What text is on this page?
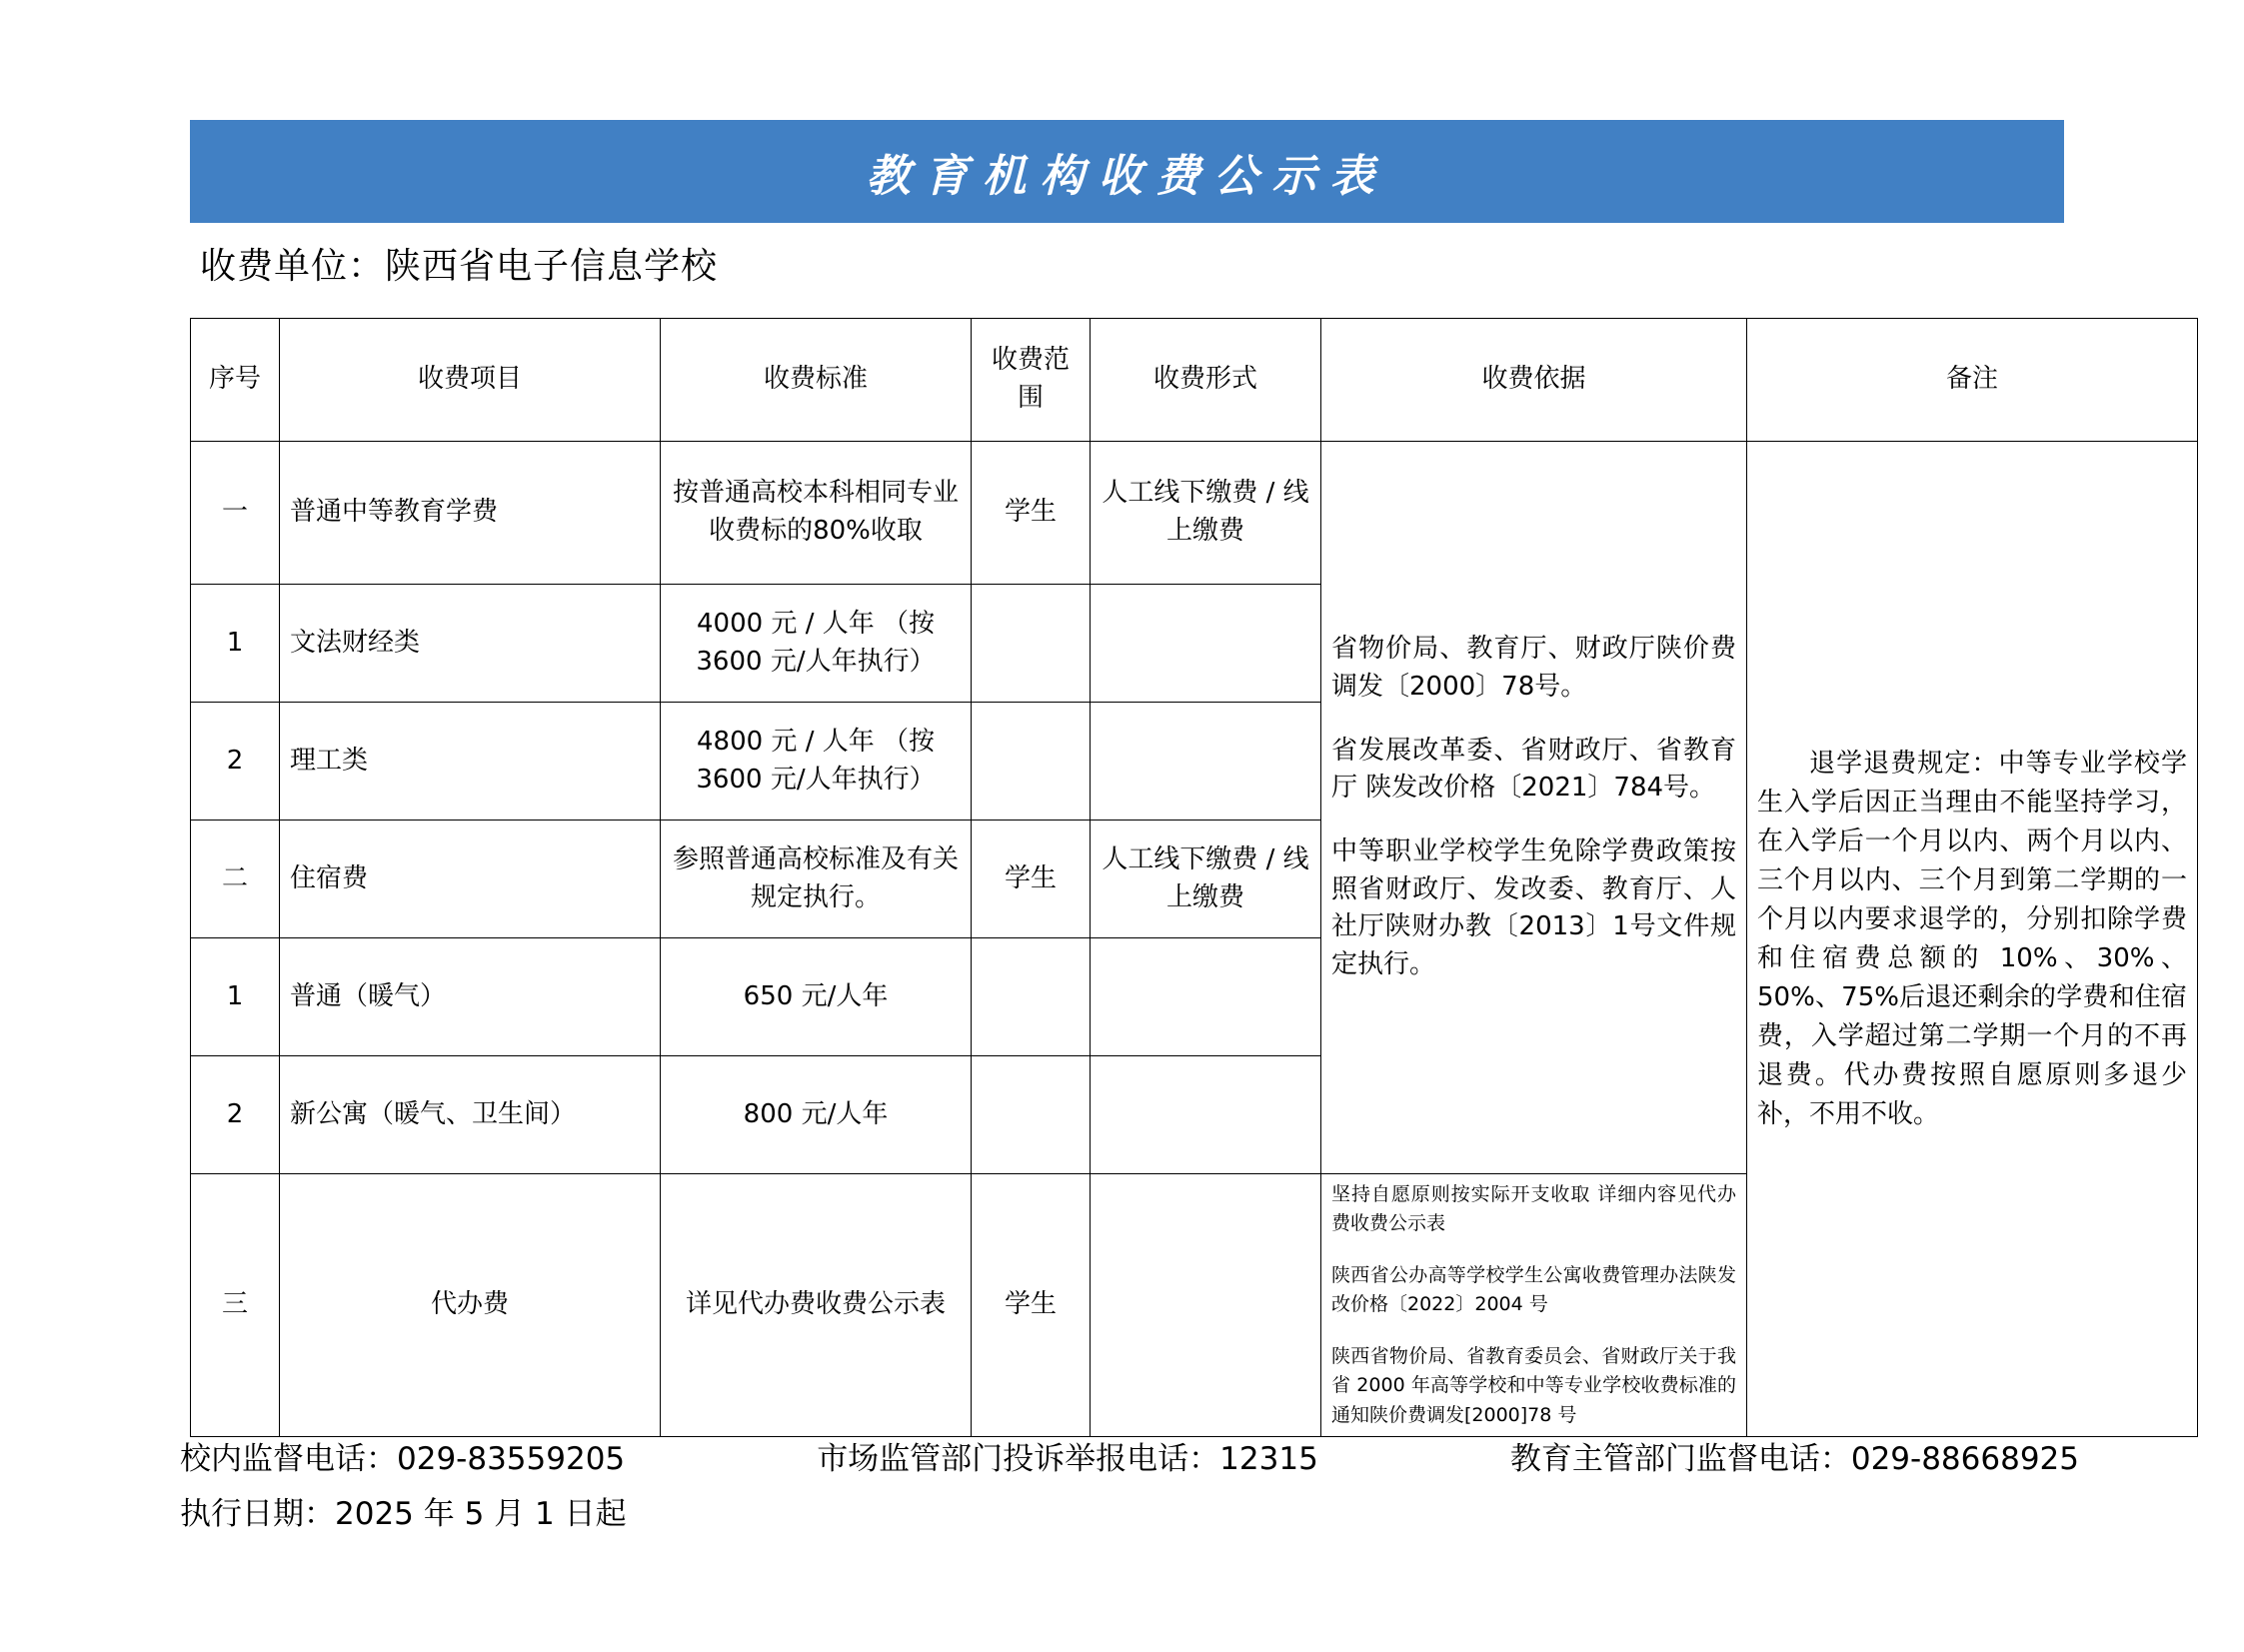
教育机构收费公示表
收费单位：陕西省电子信息学校
序号	收费项目	收费标准	收费范围	收费形式	收费依据	备注
一	普通中等教育学费	按普通高校本科相同专业收费标的80%收取	学生	人工线下缴费 / 线上缴费	省物价局、教育厅、财政厅陕价费调发〔2000〕78号。

省发展改革委、省财政厅、省教育厅 陕发改价格〔2021〕784号。

中等职业学校学生免除学费政策按照省财政厅、发改委、教育厅、人社厅陕财办教〔2013〕1号文件规定执行。	退学退费规定：中等专业学校学生入学后因正当理由不能坚持学习，在入学后一个月以内、两个月以内、三个月以内、三个月到第二学期的一个月以内要求退学的，分别扣除学费和住宿费总额的 10%、30%、50%、75%后退还剩余的学费和住宿费，入学超过第二学期一个月的不再退费。代办费按照自愿原则多退少补，不用不收。

1	文法财经类	4000 元 / 人年 （按 3600 元/人年执行）				
2	理工类	4800 元 / 人年 （按 3600 元/人年执行）				
二	住宿费	参照普通高校标准及有关规定执行。	学生	人工线下缴费 / 线上缴费		
1	普通（暖气）	650 元/人年				
2	新公寓（暖气、卫生间）	800 元/人年				
三	代办费	详见代办费收费公示表	学生		坚持自愿原则按实际开支收取 详细内容见代办费收费公示表

陕西省公办高等学校学生公寓收费管理办法陕发改价格〔2022〕2004 号

陕西省物价局、省教育委员会、省财政厅关于我省 2000 年高等学校和中等专业学校收费标准的通知陕价费调发[2000]78 号	

校内监督电话：029-83559205	市场监管部门投诉举报电话：12315	教育主管部门监督电话：029-88668925
执行日期：2025 年 5 月 1 日起
